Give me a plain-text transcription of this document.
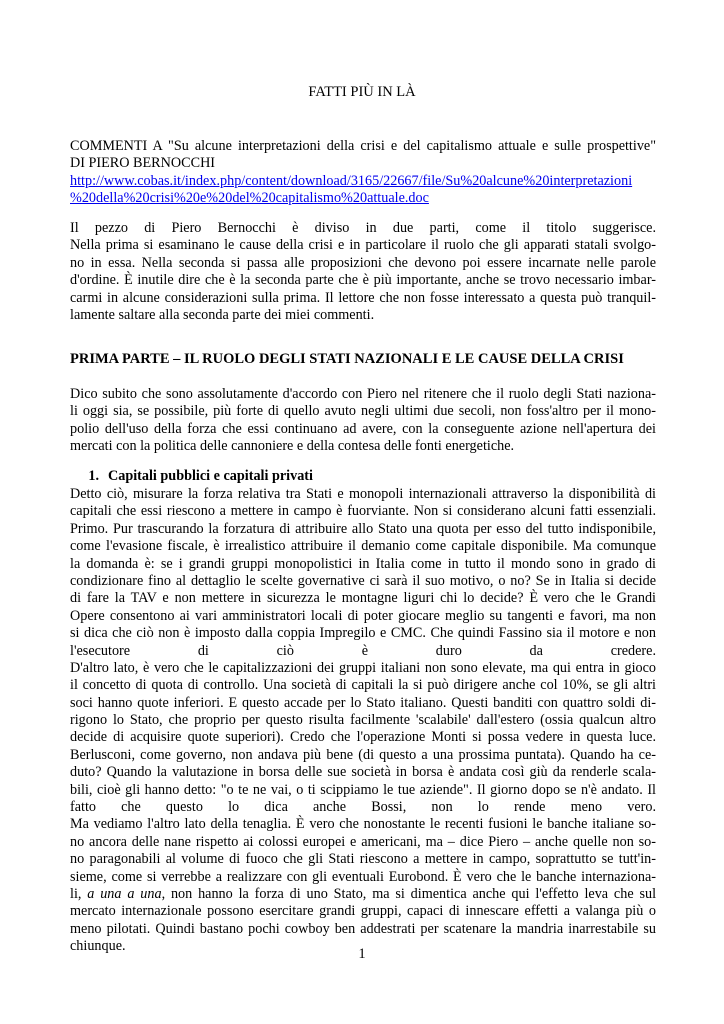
FATTI PIÙ IN LÀ
COMMENTI A "Su alcune interpretazioni della crisi e del capitalismo attuale e sulle prospettive"
DI PIERO BERNOCCHI
http://www.cobas.it/index.php/content/download/3165/22667/file/Su%20alcune%20interpretazioni
%20della%20crisi%20e%20del%20capitalismo%20attuale.doc
Il pezzo di Piero Bernocchi è diviso in due parti, come il titolo suggerisce.
Nella prima si esaminano le cause della crisi e in particolare il ruolo che gli apparati statali svolgo-
no in essa. Nella seconda si passa alle proposizioni che devono poi essere incarnate nelle parole
d'ordine. È inutile dire che è la seconda parte che è più importante, anche se trovo necessario imbar-
carmi in alcune considerazioni sulla prima. Il lettore che non fosse interessato a questa può tranquil-
lamente saltare alla seconda parte dei miei commenti.
PRIMA PARTE – IL RUOLO DEGLI STATI NAZIONALI E LE CAUSE DELLA CRISI
Dico subito che sono assolutamente d'accordo con Piero nel ritenere che il ruolo degli Stati naziona-
li oggi sia, se possibile, più forte di quello avuto negli ultimi due secoli, non foss'altro per il mono-
polio dell'uso della forza che essi continuano ad avere, con la conseguente azione nell'apertura dei
mercati con la politica delle cannoniere e della contesa delle fonti energetiche.
1. Capitali pubblici e capitali privati
Detto ciò, misurare la forza relativa tra Stati e monopoli internazionali attraverso la disponibilità di
capitali che essi riescono a mettere in campo è fuorviante. Non si considerano alcuni fatti essenziali.
Primo. Pur trascurando la forzatura di attribuire allo Stato una quota per esso del tutto indisponibile,
come l'evasione fiscale, è irrealistico attribuire il demanio come capitale disponibile. Ma comunque
la domanda è: se i grandi gruppi monopolistici in Italia come in tutto il mondo sono in grado di
condizionare fino al dettaglio le scelte governative ci sarà il suo motivo, o no? Se in Italia si decide
di fare la TAV e non mettere in sicurezza le montagne liguri chi lo decide? È vero che le Grandi
Opere consentono ai vari amministratori locali di poter giocare meglio su tangenti e favori, ma non
si dica che ciò non è imposto dalla coppia Impregilo e CMC. Che quindi Fassino sia il motore e non
l'esecutore di ciò è duro da credere.
D'altro lato, è vero che le capitalizzazioni dei gruppi italiani non sono elevate, ma qui entra in gioco
il concetto di quota di controllo. Una società di capitali la si può dirigere anche col 10%, se gli altri
soci hanno quote inferiori. E questo accade per lo Stato italiano. Questi banditi con quattro soldi di-
rigono lo Stato, che proprio per questo risulta facilmente 'scalabile' dall'estero (ossia qualcun altro
decide di acquisire quote superiori). Credo che l'operazione Monti si possa vedere in questa luce.
Berlusconi, come governo, non andava più bene (di questo a una prossima puntata). Quando ha ce-
duto? Quando la valutazione in borsa delle sue società in borsa è andata così giù da renderle scala-
bili, cioè gli hanno detto: "o te ne vai, o ti scippiamo le tue aziende". Il giorno dopo se n'è andato. Il
fatto che questo lo dica anche Bossi, non lo rende meno vero.
Ma vediamo l'altro lato della tenaglia. È vero che nonostante le recenti fusioni le banche italiane so-
no ancora delle nane rispetto ai colossi europei e americani, ma – dice Piero – anche quelle non so-
no paragonabili al volume di fuoco che gli Stati riescono a mettere in campo, soprattutto se tutt'in-
sieme, come si verrebbe a realizzare con gli eventuali Eurobond. È vero che le banche internaziona-
li, a una a una, non hanno la forza di uno Stato, ma si dimentica anche qui l'effetto leva che sul
mercato internazionale possono esercitare grandi gruppi, capaci di innescare effetti a valanga più o
meno pilotati. Quindi bastano pochi cowboy ben addestrati per scatenare la mandria inarrestabile su
chiunque.	1
